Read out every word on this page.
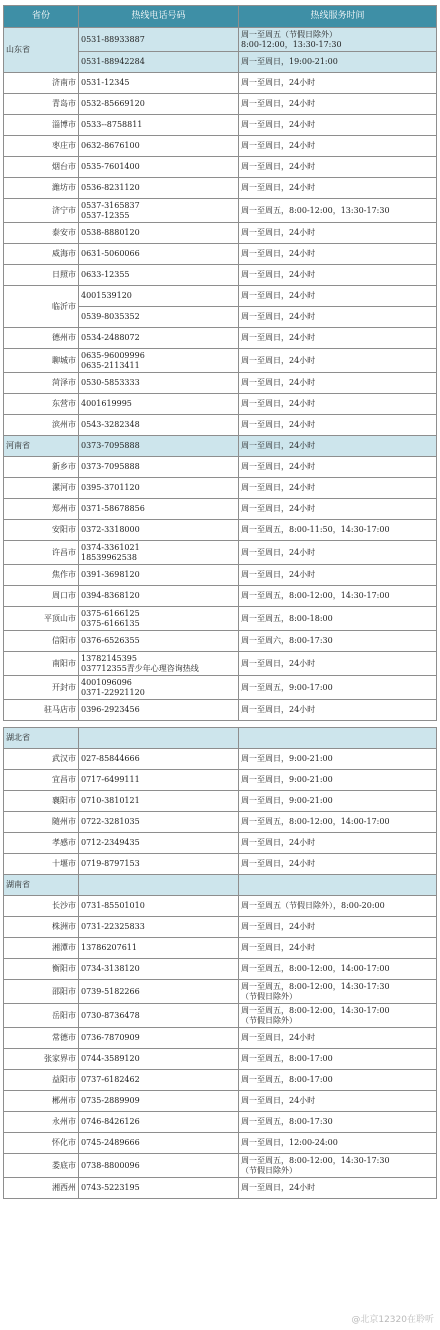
省份	热线电话号码	热线服务时间
山东省	0531-88933887	周一至周五（节假日除外）
8:00-12:00，13:30-17:30
	0531-88942284	周一至周日，19:00-21:00
济南市	0531-12345	周一至周日，24小时
青岛市	0532-85669120	周一至周日，24小时
淄博市	0533--8758811	周一至周日，24小时
枣庄市	0632-8676100	周一至周日，24小时
烟台市	0535-7601400	周一至周日，24小时
潍坊市	0536-8231120	周一至周日，24小时
济宁市	0537-3165837
0537-12355	周一至周五，8:00-12:00，13:30-17:30
泰安市	0538-8880120	周一至周日，24小时
威海市	0631-5060066	周一至周日，24小时
日照市	0633-12355	周一至周日，24小时
临沂市	4001539120	周一至周日，24小时
	0539-8035352	周一至周日，24小时
德州市	0534-2488072	周一至周日，24小时
聊城市	0635-96009996
0635-2113411	周一至周日，24小时
菏泽市	0530-5853333	周一至周日，24小时
东营市	4001619995	周一至周日，24小时
滨州市	0543-3282348	周一至周日，24小时
河南省	0373-7095888	周一至周日，24小时
新乡市	0373-7095888	周一至周日，24小时
漯河市	0395-3701120	周一至周日，24小时
郑州市	0371-58678856	周一至周日，24小时
安阳市	0372-3318000	周一至周五，8:00-11:50，14:30-17:00
许昌市	0374-3361021
18539962538	周一至周日，24小时
焦作市	0391-3698120	周一至周日，24小时
周口市	0394-8368120	周一至周五，8:00-12:00，14:30-17:00
平顶山市	0375-6166125
0375-6166135	周一至周五，8:00-18:00
信阳市	0376-6526355	周一至周六，8:00-17:30
南阳市	13782145395
037712355青少年心理咨询热线	周一至周日，24小时
开封市	4001096096
0371-22921120	周一至周五，9:00-17:00
驻马店市	0396-2923456	周一至周日，24小时

湖北省		
武汉市	027-85844666	周一至周日，9:00-21:00
宜昌市	0717-6499111	周一至周日，9:00-21:00
襄阳市	0710-3810121	周一至周日，9:00-21:00
随州市	0722-3281035	周一至周五，8:00-12:00，14:00-17:00
孝感市	0712-2349435	周一至周日，24小时
十堰市	0719-8797153	周一至周日，24小时
湖南省		
长沙市	0731-85501010	周一至周五（节假日除外），8:00-20:00
株洲市	0731-22325833	周一至周日，24小时
湘潭市	13786207611	周一至周日，24小时
衡阳市	0734-3138120	周一至周五，8:00-12:00，14:00-17:00
邵阳市	0739-5182266	周一至周五，8:00-12:00，14:30-17:30
（节假日除外）
岳阳市	0730-8736478	周一至周五，8:00-12:00，14:30-17:00
（节假日除外）
常德市	0736-7870909	周一至周日，24小时
张家界市	0744-3589120	周一至周五，8:00-17:00
益阳市	0737-6182462	周一至周五，8:00-17:00
郴州市	0735-2889909	周一至周日，24小时
永州市	0746-8426126	周一至周五，8:00-17:30
怀化市	0745-2489666	周一至周日，12:00-24:00
娄底市	0738-8800096	周一至周五，8:00-12:00，14:30-17:30
（节假日除外）
湘西州	0743-5223195	周一至周日，24小时
@北京12320在聆听
